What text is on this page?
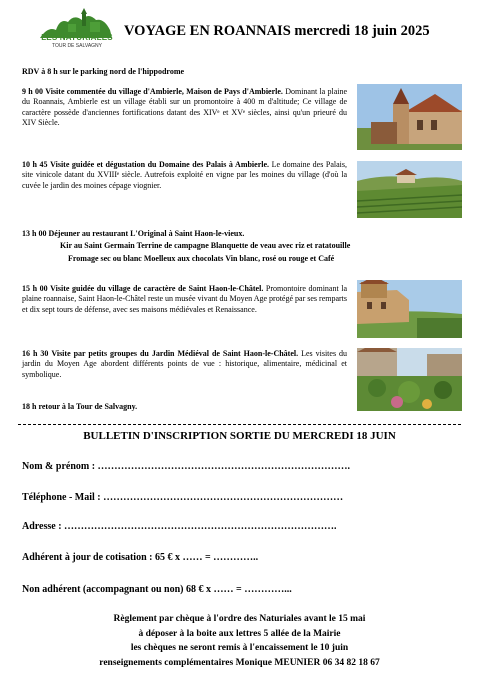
LES NATURIALES
TOUR DE SALVAGNY
VOYAGE EN ROANNAIS mercredi 18 juin 2025
RDV à 8 h sur le parking nord de l'hippodrome
9 h 00 Visite commentée du village d'Ambierle, Maison de Pays d'Ambierle. Dominant la plaine du Roannais, Ambierle est un village établi sur un promontoire à 400 m d'altitude; Ce village de caractère possède d'anciennes fortifications datant des XIVᵉ et XVᵉ siècles, ainsi qu'un prieuré du XIV Siècle.
10 h 45 Visite guidée et dégustation du Domaine des Palais à Ambierle. Le domaine des Palais, site vinicole datant du XVIIIᵉ siècle. Autrefois exploité en vigne par les moines du village (d'où la cuvée le jardin des moines cépage viognier.
13 h 00 Déjeuner au restaurant L'Original à Saint Haon-le-vieux.
Kir au Saint Germain Terrine de campagne Blanquette de veau avec riz et ratatouille
Fromage sec ou blanc Moelleux aux chocolats Vin blanc, rosé ou rouge et Café
15 h 00 Visite guidée du village de caractère de Saint Haon-le-Châtel. Promontoire dominant la plaine roannaise, Saint Haon-le-Châtel reste un musée vivant du Moyen Age protégé par ses remparts et dix sept tours de défense, avec ses maisons médiévales et Renaissance.
16 h 30 Visite par petits groupes du Jardin Médiéval de Saint Haon-le-Châtel. Les visites du jardin du Moyen Age abordent différents points de vue : historique, alimentaire, médicinal et symbolique.
18 h retour à la Tour de Salvagny.
BULLETIN D'INSCRIPTION SORTIE DU MERCREDI 18 JUIN
Nom & prénom : ………………………………………………………………….
Téléphone - Mail : ………………………………………………………………
Adresse : ……………………………………………………………………….
Adhérent à jour de cotisation : 65 € x …… = …………..
Non adhérent (accompagnant ou non) 68 € x …… = …………...
Règlement par chèque à l'ordre des Naturiales avant le 15 mai
à déposer à la boite aux lettres 5 allée de la Mairie
les chèques ne seront remis à l'encaissement le 10 juin
renseignements complémentaires Monique MEUNIER 06 34 82 18 67
